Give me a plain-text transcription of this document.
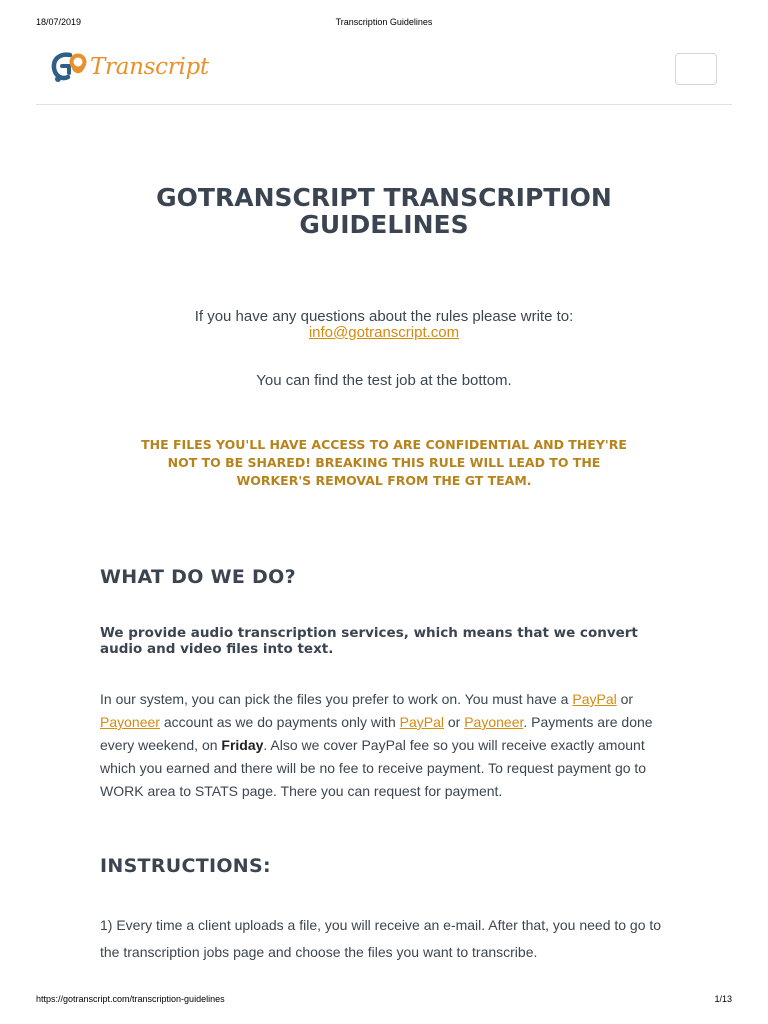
18/07/2019	Transcription Guidelines
Transcript
GOTRANSCRIPT TRANSCRIPTION GUIDELINES
If you have any questions about the rules please write to:
info@gotranscript.com
You can find the test job at the bottom.
THE FILES YOU'LL HAVE ACCESS TO ARE CONFIDENTIAL AND THEY'RE NOT TO BE SHARED! BREAKING THIS RULE WILL LEAD TO THE WORKER'S REMOVAL FROM THE GT TEAM.
WHAT DO WE DO?

We provide audio transcription services, which means that we convert audio and video files into text.

In our system, you can pick the files you prefer to work on. You must have a PayPal or Payoneer account as we do payments only with PayPal or Payoneer. Payments are done every weekend, on Friday. Also we cover PayPal fee so you will receive exactly amount which you earned and there will be no fee to receive payment. To request payment go to WORK area to STATS page. There you can request for payment.

INSTRUCTIONS:

1) Every time a client uploads a file, you will receive an e-mail. After that, you need to go to the transcription jobs page and choose the files you want to transcribe.

https://gotranscript.com/transcription-guidelines	1/13
